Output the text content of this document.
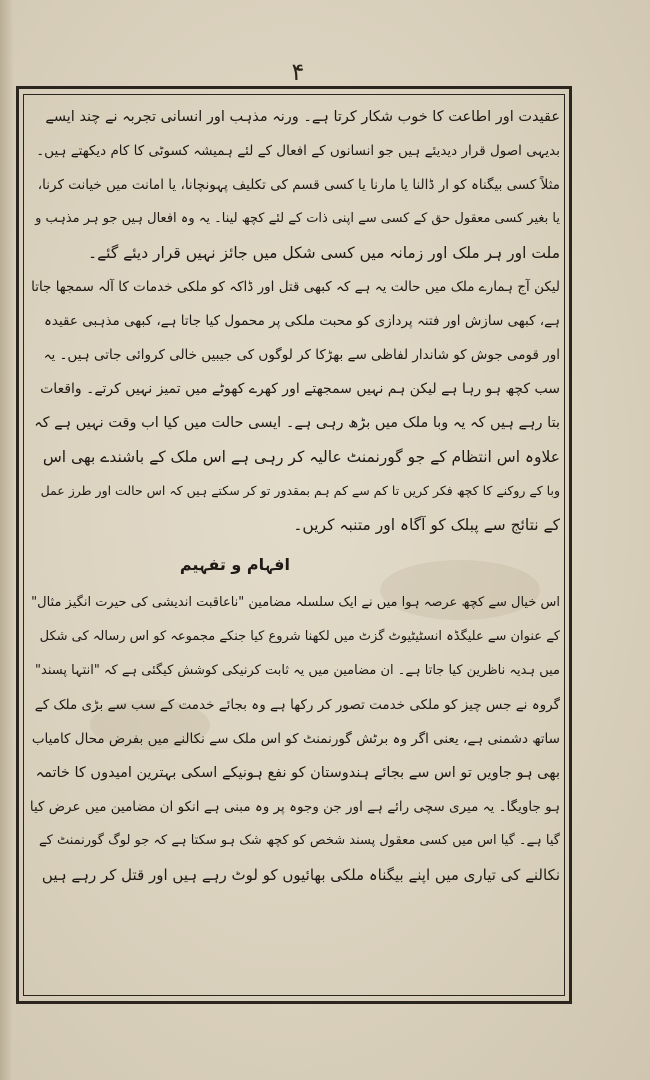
۴
عقیدت اور اطاعت کا خوب شکار کرتا ہے۔ ورنہ مذہب اور انسانی تجربہ نے چند ایسے
بدیہی اصول قرار دیدیئے ہیں جو انسانوں کے افعال کے لئے ہمیشہ کسوٹی کا کام دیکھتے ہیں۔
مثلاً کسی بیگناہ کو ار ڈالنا یا مارنا یا کسی قسم کی تکلیف پہونچانا، یا امانت میں خیانت کرنا،
یا بغیر کسی معقول حق کے کسی سے اپنی ذات کے لئے کچھ لینا۔ یہ وہ افعال ہیں جو ہر مذہب و
ملت اور ہر ملک اور زمانہ میں کسی شکل میں جائز نہیں قرار دیئے گئے۔
لیکن آج ہمارے ملک میں حالت یہ ہے کہ کبھی قتل اور ڈاکہ کو ملکی خدمات کا آلہ سمجھا جاتا
ہے، کبھی سازش اور فتنہ پردازی کو محبت ملکی پر محمول کیا جاتا ہے، کبھی مذہبی عقیدہ
اور قومی جوش کو شاندار لفاظی سے بھڑکا کر لوگوں کی جیبیں خالی کروائی جاتی ہیں۔ یہ
سب کچھ ہو رہا ہے لیکن ہم نہیں سمجھتے اور کھرے کھوٹے میں تمیز نہیں کرتے۔ واقعات
بتا رہے ہیں کہ یہ وبا ملک میں بڑھ رہی ہے۔ ایسی حالت میں کیا اب وقت نہیں ہے کہ
علاوہ اس انتظام کے جو گورنمنٹ عالیہ کر رہی ہے اس ملک کے باشندے بھی اس
وبا کے روکنے کا کچھ فکر کریں تا کم سے کم ہم بمقدور تو کر سکتے ہیں کہ اس حالت اور طرز عمل
کے نتائج سے پبلک کو آگاہ اور متنبہ کریں۔
افہام و تفہیم
اس خیال سے کچھ عرصہ ہوا میں نے ایک سلسلہ مضامین "ناعاقبت اندیشی کی حیرت انگیز مثال"
کے عنوان سے علیگڈہ انسٹیٹیوٹ گزٹ میں لکھنا شروع کیا جنکے مجموعہ کو اس رسالہ کی شکل
میں ہدیہ ناظرین کیا جاتا ہے۔ ان مضامین میں یہ ثابت کرنیکی کوشش کیگئی ہے کہ "انتہا پسند"
گروہ نے جس چیز کو ملکی خدمت تصور کر رکھا ہے وہ بجائے خدمت کے سب سے بڑی ملک کے
ساتھ دشمنی ہے، یعنی اگر وہ برٹش گورنمنٹ کو اس ملک سے نکالنے میں بفرض محال کامیاب
بھی ہو جاویں تو اس سے بجائے ہندوستان کو نفع ہونیکے اسکی بہترین امیدوں کا خاتمہ
ہو جاویگا۔ یہ میری سچی رائے ہے اور جن وجوہ پر وہ مبنی ہے انکو ان مضامین میں عرض کیا
گیا ہے۔ گیا اس میں کسی معقول پسند شخص کو کچھ شک ہو سکتا ہے کہ جو لوگ گورنمنٹ کے
نکالنے کی تیاری میں اپنے بیگناہ ملکی بھائیوں کو لوٹ رہے ہیں اور قتل کر رہے ہیں
